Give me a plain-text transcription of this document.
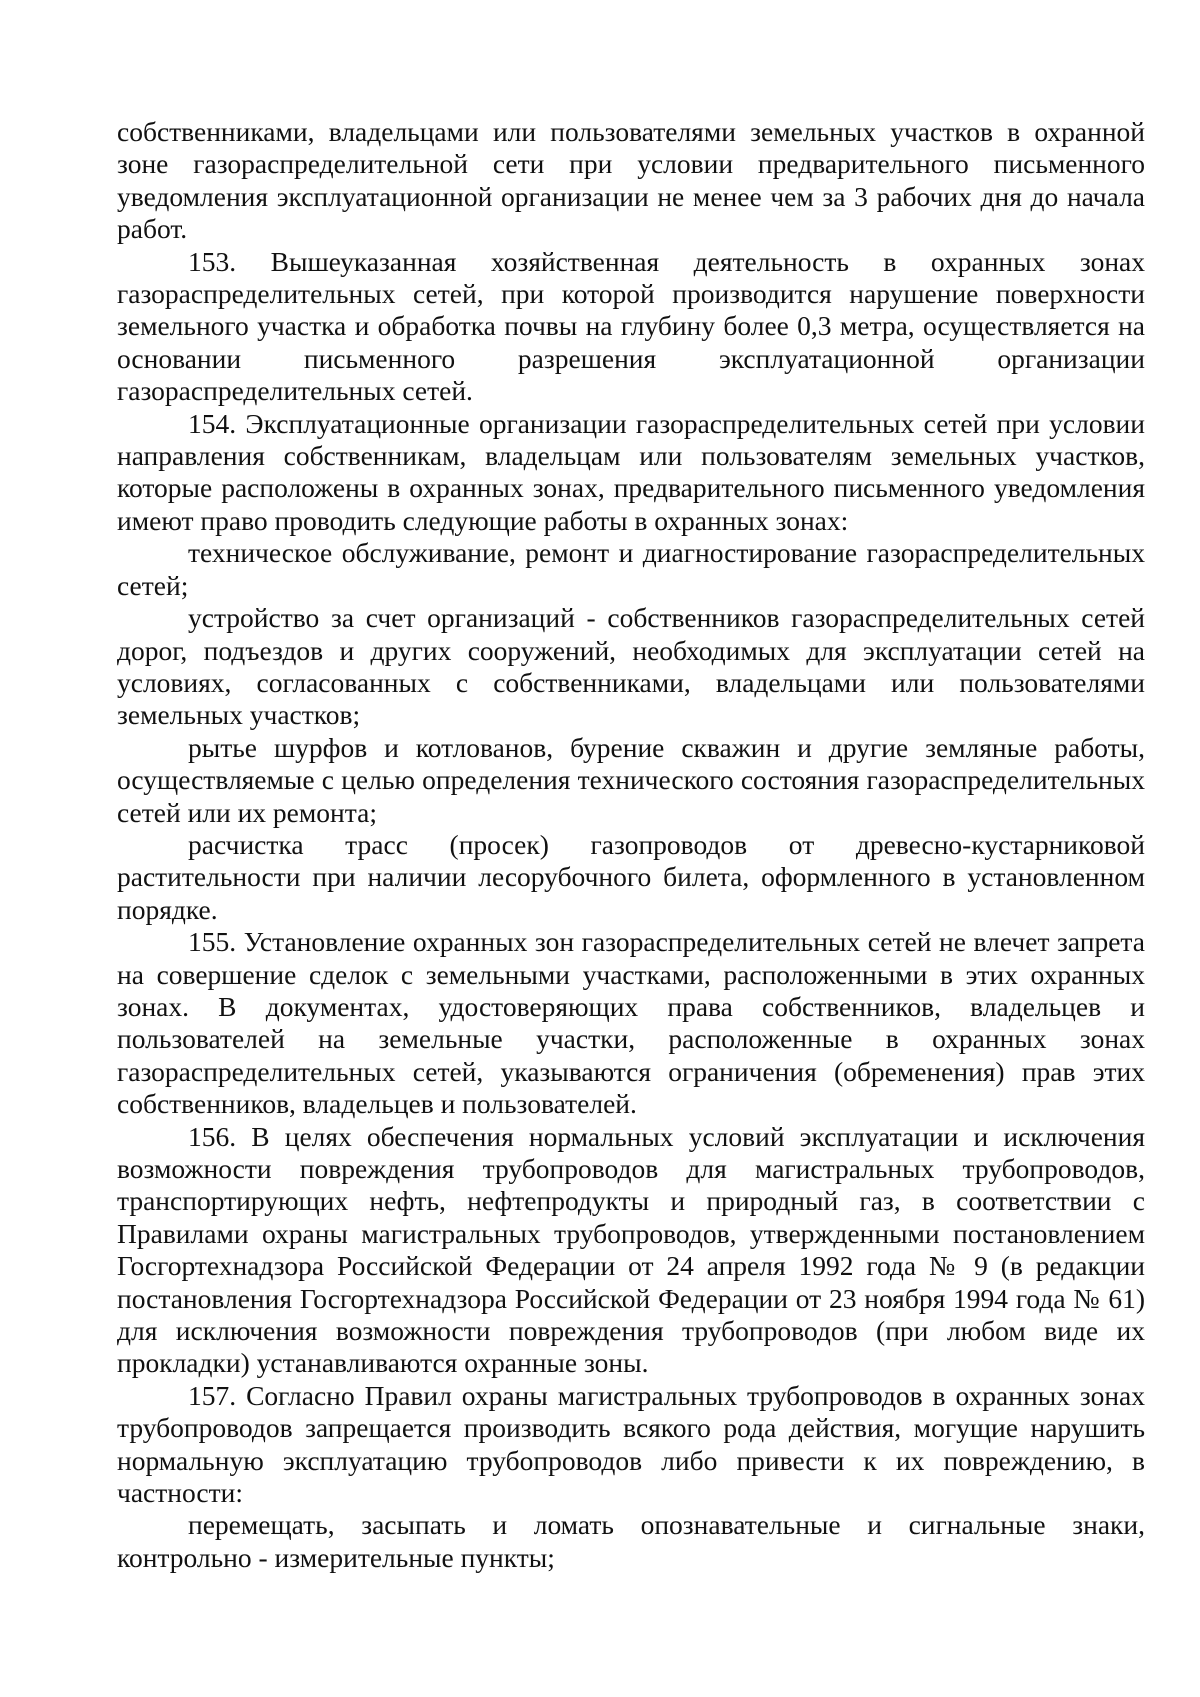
собственниками, владельцами или пользователями земельных участков в охранной зоне газораспределительной сети при условии предварительного письменного уведомления эксплуатационной организации не менее чем за 3 рабочих дня до начала работ.

153. Вышеуказанная хозяйственная деятельность в охранных зонах газораспределительных сетей, при которой производится нарушение поверхности земельного участка и обработка почвы на глубину более 0,3 метра, осуществляется на основании письменного разрешения эксплуатационной организации газораспределительных сетей.

154. Эксплуатационные организации газораспределительных сетей при условии направления собственникам, владельцам или пользователям земельных участков, которые расположены в охранных зонах, предварительного письменного уведомления имеют право проводить следующие работы в охранных зонах:

техническое обслуживание, ремонт и диагностирование газораспределительных сетей;

устройство за счет организаций - собственников газораспределительных сетей дорог, подъездов и других сооружений, необходимых для эксплуатации сетей на условиях, согласованных с собственниками, владельцами или пользователями земельных участков;

рытье шурфов и котлованов, бурение скважин и другие земляные работы, осуществляемые с целью определения технического состояния газораспределительных сетей или их ремонта;

расчистка трасс (просек) газопроводов от древесно-кустарниковой растительности при наличии лесорубочного билета, оформленного в установленном порядке.

155. Установление охранных зон газораспределительных сетей не влечет запрета на совершение сделок с земельными участками, расположенными в этих охранных зонах. В документах, удостоверяющих права собственников, владельцев и пользователей на земельные участки, расположенные в охранных зонах газораспределительных сетей, указываются ограничения (обременения) прав этих собственников, владельцев и пользователей.

156. В целях обеспечения нормальных условий эксплуатации и исключения возможности повреждения трубопроводов для магистральных трубопроводов, транспортирующих нефть, нефтепродукты и природный газ, в соответствии с Правилами охраны магистральных трубопроводов, утвержденными постановлением Госгортехнадзора Российской Федерации от 24 апреля 1992 года № 9 (в редакции постановления Госгортехнадзора Российской Федерации от 23 ноября 1994 года № 61) для исключения возможности повреждения трубопроводов (при любом виде их прокладки) устанавливаются охранные зоны.

157. Согласно Правил охраны магистральных трубопроводов в охранных зонах трубопроводов запрещается производить всякого рода действия, могущие нарушить нормальную эксплуатацию трубопроводов либо привести к их повреждению, в частности:

перемещать, засыпать и ломать опознавательные и сигнальные знаки, контрольно - измерительные пункты;
